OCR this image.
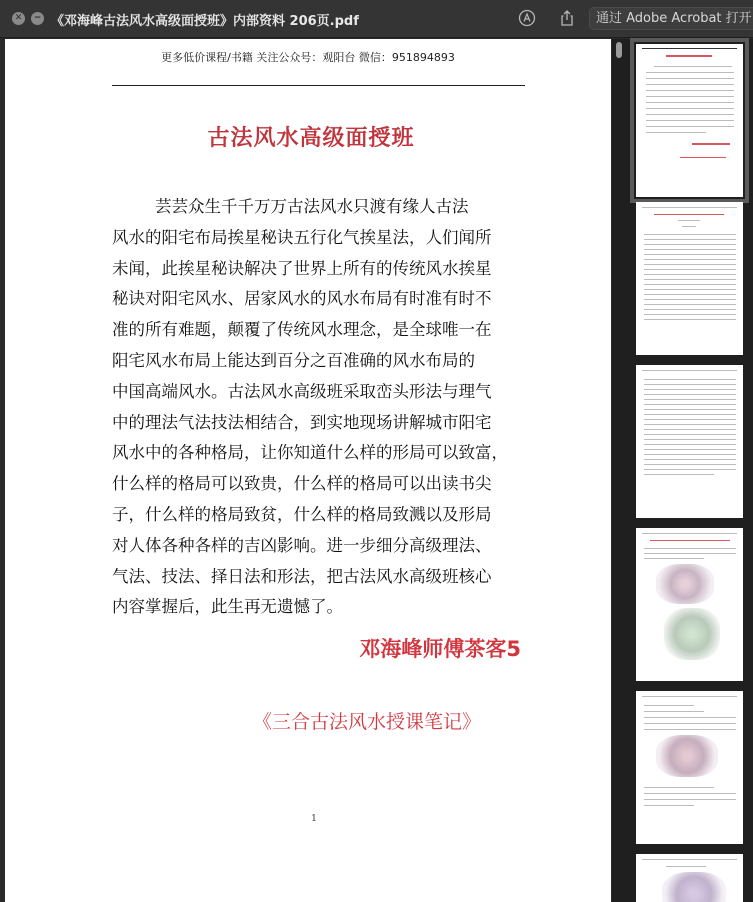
✕	− 《邓海峰古法风水高级面授班》内部资料 206页.pdf	通过 Adobe Acrobat 打开
更多低价课程/书籍 关注公众号：观阳台 微信：951894893
古法风水高级面授班
芸芸众生千千万万古法风水只渡有缘人古法
风水的阳宅布局挨星秘诀五行化气挨星法，人们闻所
未闻，此挨星秘诀解决了世界上所有的传统风水挨星
秘诀对阳宅风水、居家风水的风水布局有时准有时不
准的所有难题，颠覆了传统风水理念，是全球唯一在
阳宅风水布局上能达到百分之百准确的风水布局的
中国高端风水。古法风水高级班采取峦头形法与理气
中的理法气法技法相结合，到实地现场讲解城市阳宅
风水中的各种格局，让你知道什么样的形局可以致富，
什么样的格局可以致贵，什么样的格局可以出读书尖
子，什么样的格局致贫，什么样的格局致溅以及形局
对人体各种各样的吉凶影响。进一步细分高级理法、
气法、技法、择日法和形法，把古法风水高级班核心
内容掌握后，此生再无遗憾了。
邓海峰师傅茶客5
《三合古法风水授课笔记》
1
